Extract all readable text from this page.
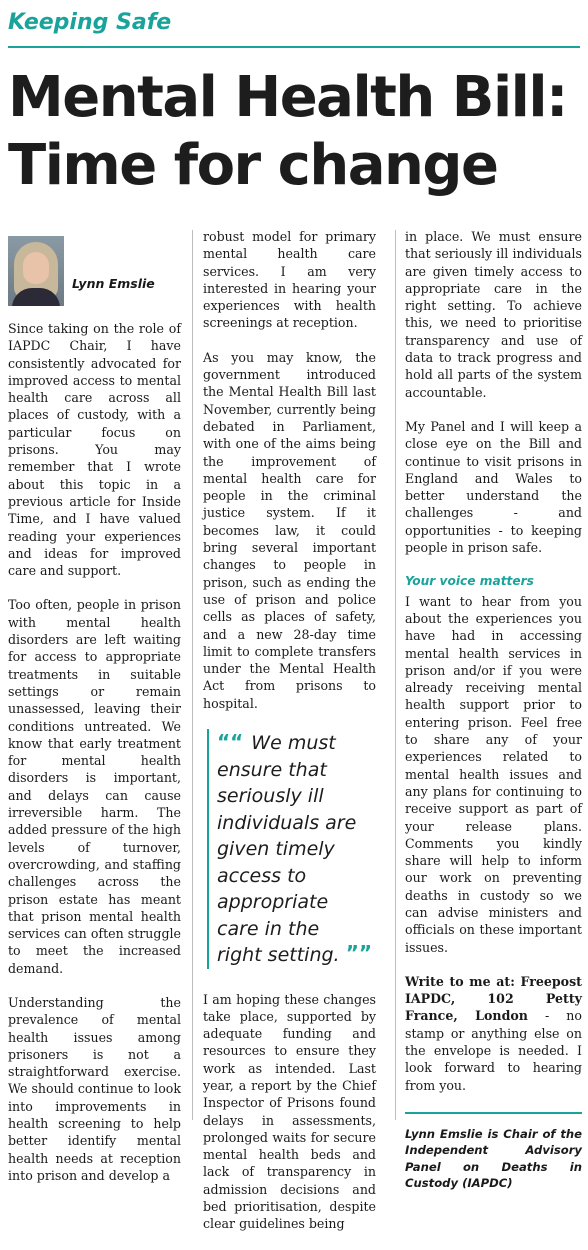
Keeping Safe
Mental Health Bill:
Time for change
Lynn Emslie

Since taking on the role of IAPDC Chair, I have consistently advocated for improved access to mental health care across all places of custody, with a particular focus on prisons. You may remember that I wrote about this topic in a previous article for Inside Time, and I have valued reading your experiences and ideas for improved care and support.

Too often, people in prison with mental health disorders are left waiting for access to appropriate treatments in suitable settings or remain unassessed, leaving their conditions untreated. We know that early treatment for mental health disorders is important, and delays can cause irreversible harm. The added pressure of the high levels of turnover, overcrowding, and staffing challenges across the prison estate has meant that prison mental health services can often struggle to meet the increased demand.

Understanding the prevalence of mental health issues among prisoners is not a straightforward exercise. We should continue to look into improvements in health screening to help better identify mental health needs at reception into prison and develop a

robust model for primary mental health care services. I am very interested in hearing your experiences with health screenings at reception.

As you may know, the government introduced the Mental Health Bill last November, currently being debated in Parliament, with one of the aims being the improvement of mental health care for people in the criminal justice system. If it becomes law, it could bring several important changes to people in prison, such as ending the use of prison and police cells as places of safety, and a new 28-day time limit to complete transfers under the Mental Health Act from prisons to hospital.

““ We must ensure that seriously ill individuals are given timely access to appropriate care in the right setting. ””

I am hoping these changes take place, supported by adequate funding and resources to ensure they work as intended. Last year, a report by the Chief Inspector of Prisons found delays in assessments, prolonged waits for secure mental health beds and lack of transparency in admission decisions and bed prioritisation, despite clear guidelines being

in place. We must ensure that seriously ill individuals are given timely access to appropriate care in the right setting. To achieve this, we need to prioritise transparency and use of data to track progress and hold all parts of the system accountable.

My Panel and I will keep a close eye on the Bill and continue to visit prisons in England and Wales to better understand the challenges - and opportunities - to keeping people in prison safe.

Your voice matters

I want to hear from you about the experiences you have had in accessing mental health services in prison and/or if you were already receiving mental health support prior to entering prison. Feel free to share any of your experiences related to mental health issues and any plans for continuing to receive support as part of your release plans. Comments you kindly share will help to inform our work on preventing deaths in custody so we can advise ministers and officials on these important issues.

Write to me at: Freepost IAPDC, 102 Petty France, London - no stamp or anything else on the envelope is needed. I look forward to hearing from you.

Lynn Emslie is Chair of the Independent Advisory Panel on Deaths in Custody (IAPDC)
